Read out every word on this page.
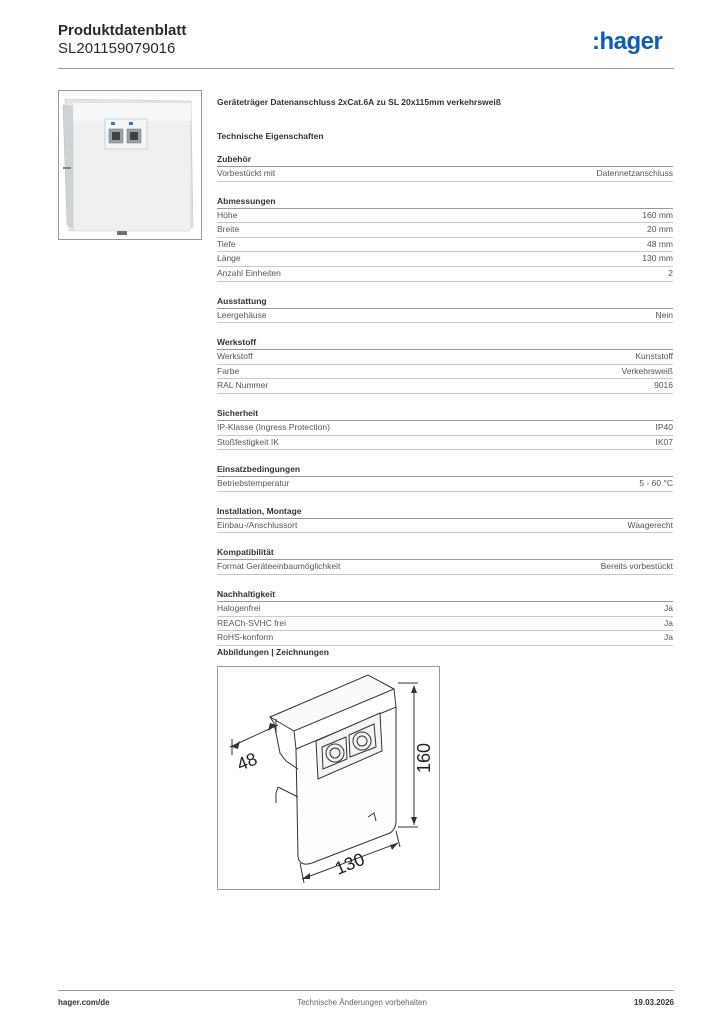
Produktdatenblatt
SL201159079016	:hager
Geräteträger Datenanschluss 2xCat.6A zu SL 20x115mm verkehrsweiß
Technische Eigenschaften
Zubehör
Vorbestückt mit	Datennetzanschluss
Abmessungen
Höhe	160 mm
Breite	20 mm
Tiefe	48 mm
Länge	130 mm
Anzahl Einheiten	2
Ausstattung
Leergehäuse	Nein
Werkstoff
Werkstoff	Kunststoff
Farbe	Verkehrsweiß
RAL Nummer	9016
Sicherheit
IP-Klasse (Ingress Protection)	IP40
Stoßfestigkeit IK	IK07
Einsatzbedingungen
Betriebstemperatur	5 - 60 °C
Installation, Montage
Einbau-/Anschlussort	Waagerecht
Kompatibilität
Format Geräteeinbaumöglichkeit	Bereits vorbestückt
Nachhaltigkeit
Halogenfrei	Ja
REACh-SVHC frei	Ja
RoHS-konform	Ja
Abbildungen | Zeichnungen
48	160
130
hager.com/de	Technische Änderungen vorbehalten	19.03.2026
